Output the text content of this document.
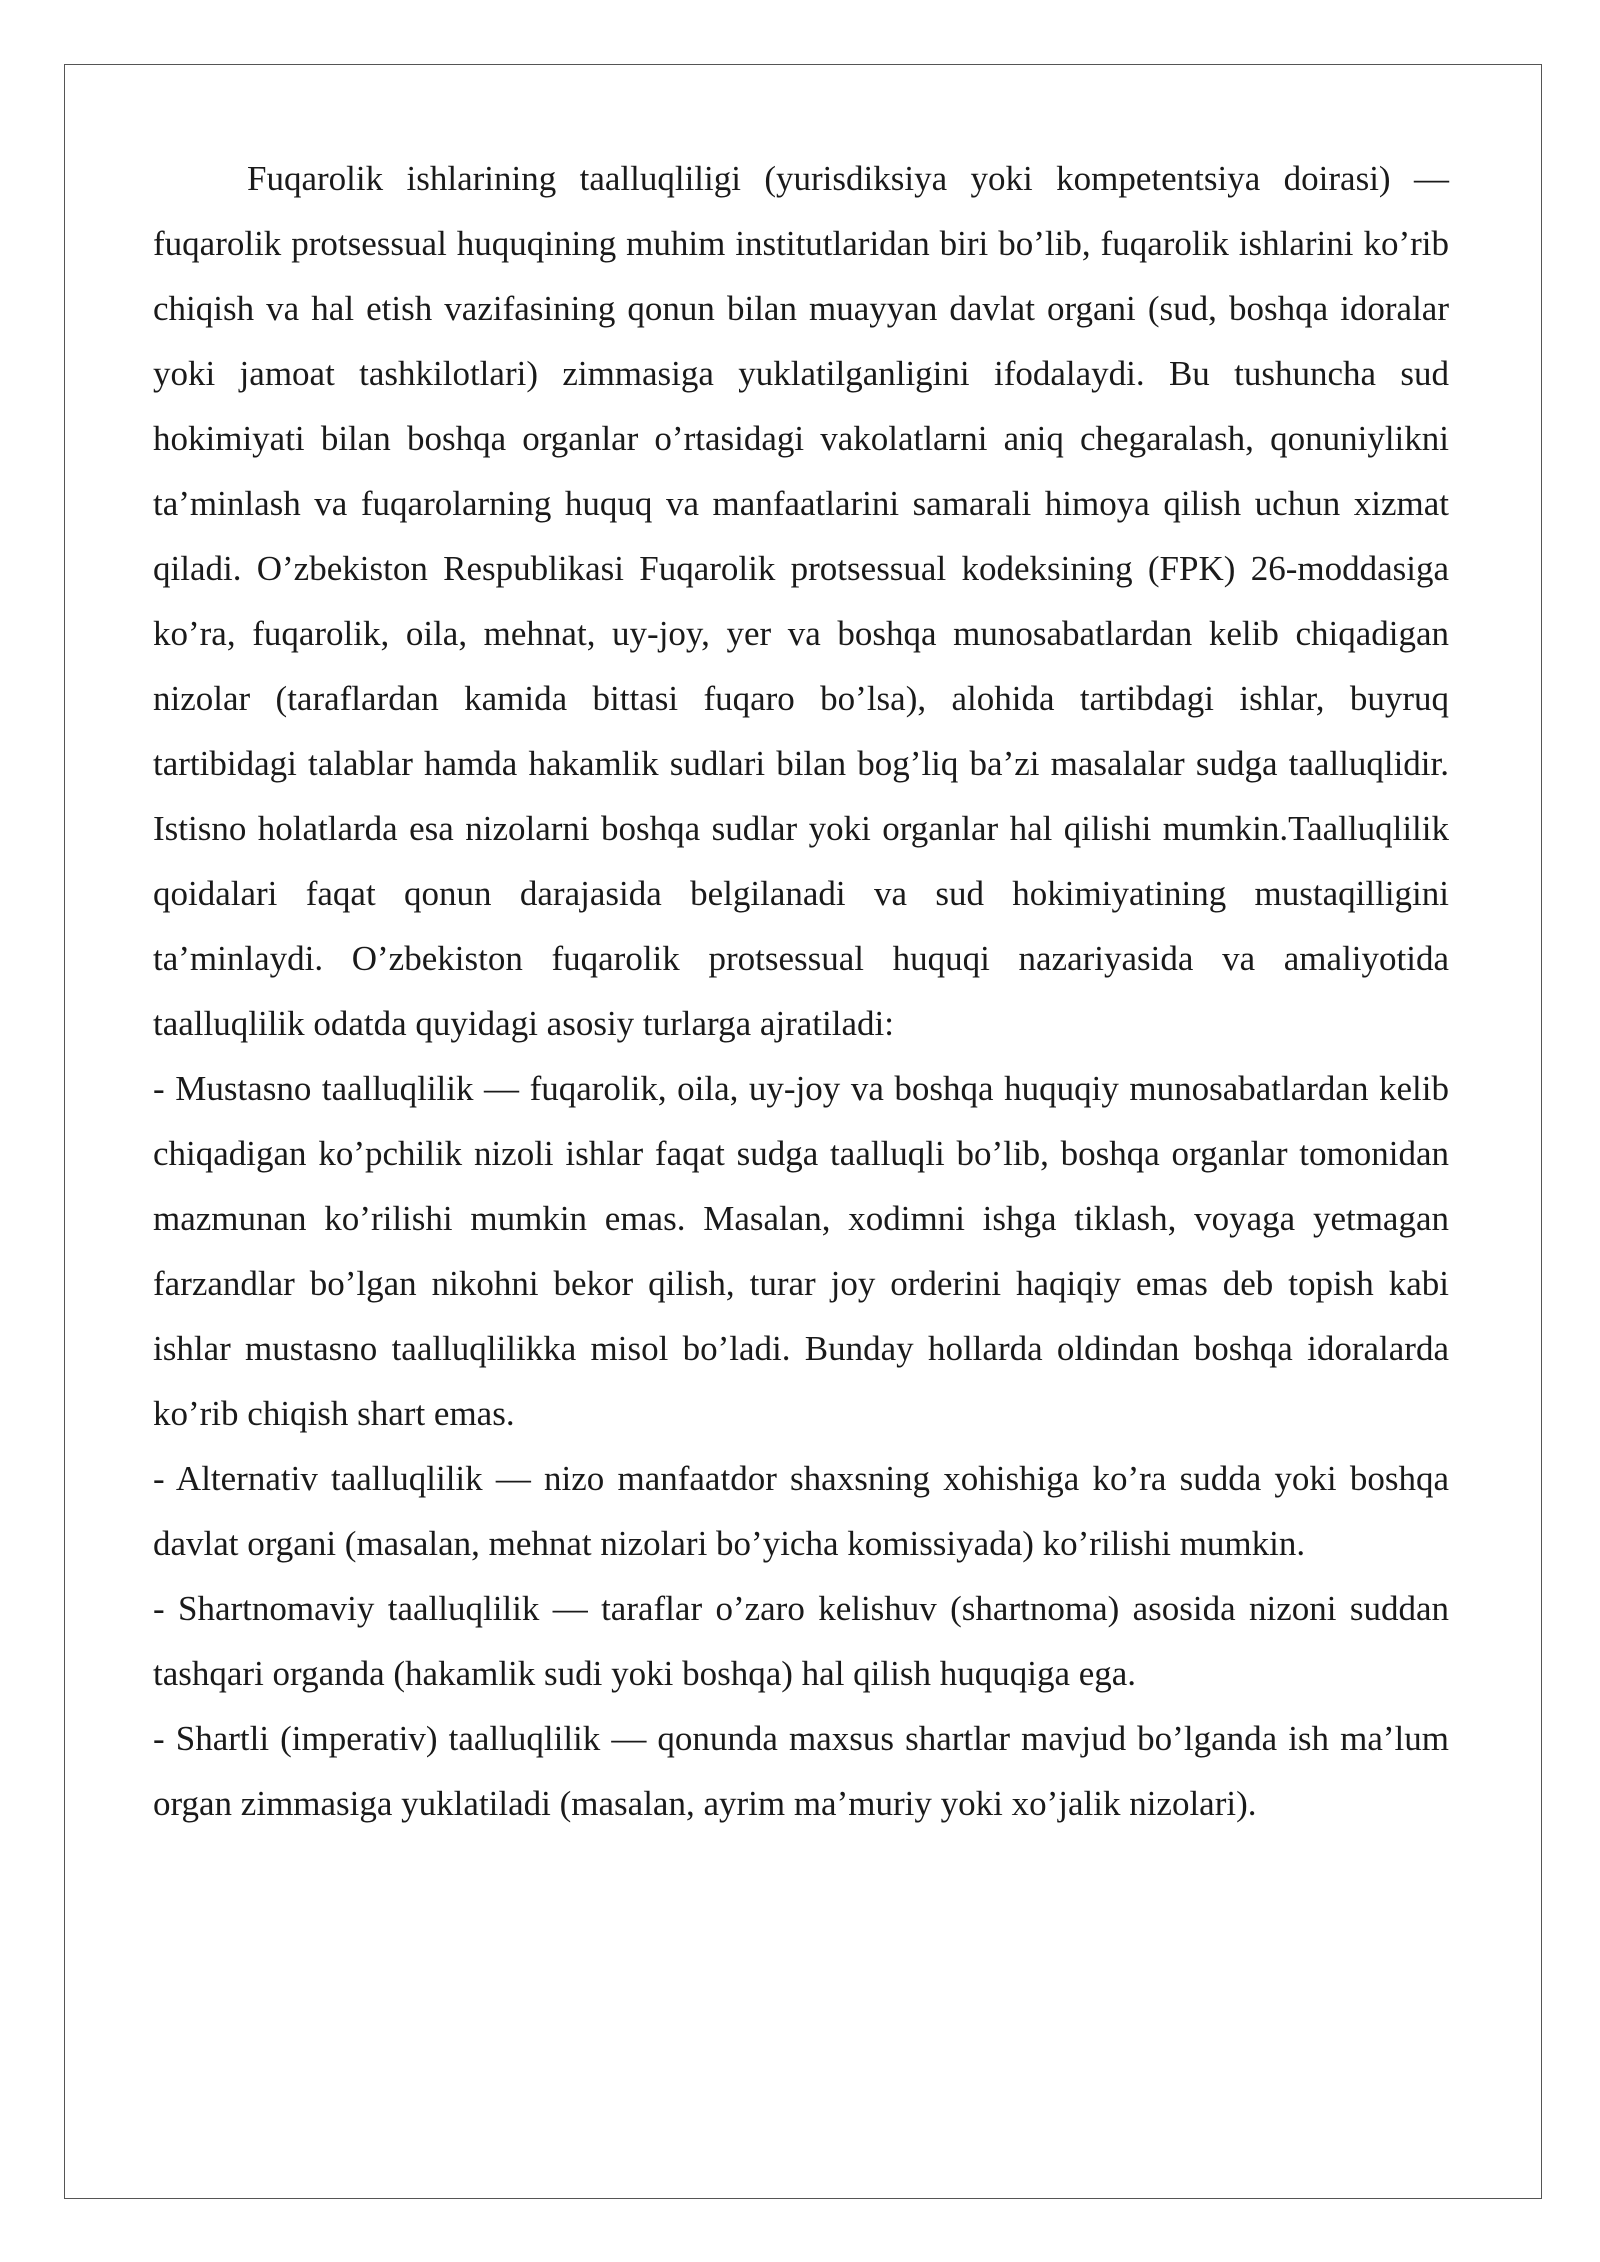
Fuqarolik ishlarining taalluqliligi (yurisdiksiya yoki kompetentsiya doirasi) — fuqarolik protsessual huquqining muhim institutlaridan biri bo’lib, fuqarolik ishlarini ko’rib chiqish va hal etish vazifasining qonun bilan muayyan davlat organi (sud, boshqa idoralar yoki jamoat tashkilotlari) zimmasiga yuklatilganligini ifodalaydi. Bu tushuncha sud hokimiyati bilan boshqa organlar o’rtasidagi vakolatlarni aniq chegaralash, qonuniylikni ta’minlash va fuqarolarning huquq va manfaatlarini samarali himoya qilish uchun xizmat qiladi. O’zbekiston Respublikasi Fuqarolik protsessual kodeksining (FPK) 26-moddasiga ko’ra, fuqarolik, oila, mehnat, uy-joy, yer va boshqa munosabatlardan kelib chiqadigan nizolar (taraflardan kamida bittasi fuqaro bo’lsa), alohida tartibdagi ishlar, buyruq tartibidagi talablar hamda hakamlik sudlari bilan bog’liq ba’zi masalalar sudga taalluqlidir. Istisno holatlarda esa nizolarni boshqa sudlar yoki organlar hal qilishi mumkin.Taalluqlilik qoidalari faqat qonun darajasida belgilanadi va sud hokimiyatining mustaqilligini ta’minlaydi. O’zbekiston fuqarolik protsessual huquqi nazariyasida va amaliyotida taalluqlilik odatda quyidagi asosiy turlarga ajratiladi:

- Mustasno taalluqlilik — fuqarolik, oila, uy-joy va boshqa huquqiy munosabatlardan kelib chiqadigan ko’pchilik nizoli ishlar faqat sudga taalluqli bo’lib, boshqa organlar tomonidan mazmunan ko’rilishi mumkin emas. Masalan, xodimni ishga tiklash, voyaga yetmagan farzandlar bo’lgan nikohni bekor qilish, turar joy orderini haqiqiy emas deb topish kabi ishlar mustasno taalluqlilikka misol bo’ladi. Bunday hollarda oldindan boshqa idoralarda ko’rib chiqish shart emas.

- Alternativ taalluqlilik — nizo manfaatdor shaxsning xohishiga ko’ra sudda yoki boshqa davlat organi (masalan, mehnat nizolari bo’yicha komissiyada) ko’rilishi mumkin.

- Shartnomaviy taalluqlilik — taraflar o’zaro kelishuv (shartnoma) asosida nizoni suddan tashqari organda (hakamlik sudi yoki boshqa) hal qilish huquqiga ega.

- Shartli (imperativ) taalluqlilik — qonunda maxsus shartlar mavjud bo’lganda ish ma’lum organ zimmasiga yuklatiladi (masalan, ayrim ma’muriy yoki xo’jalik nizolari).
